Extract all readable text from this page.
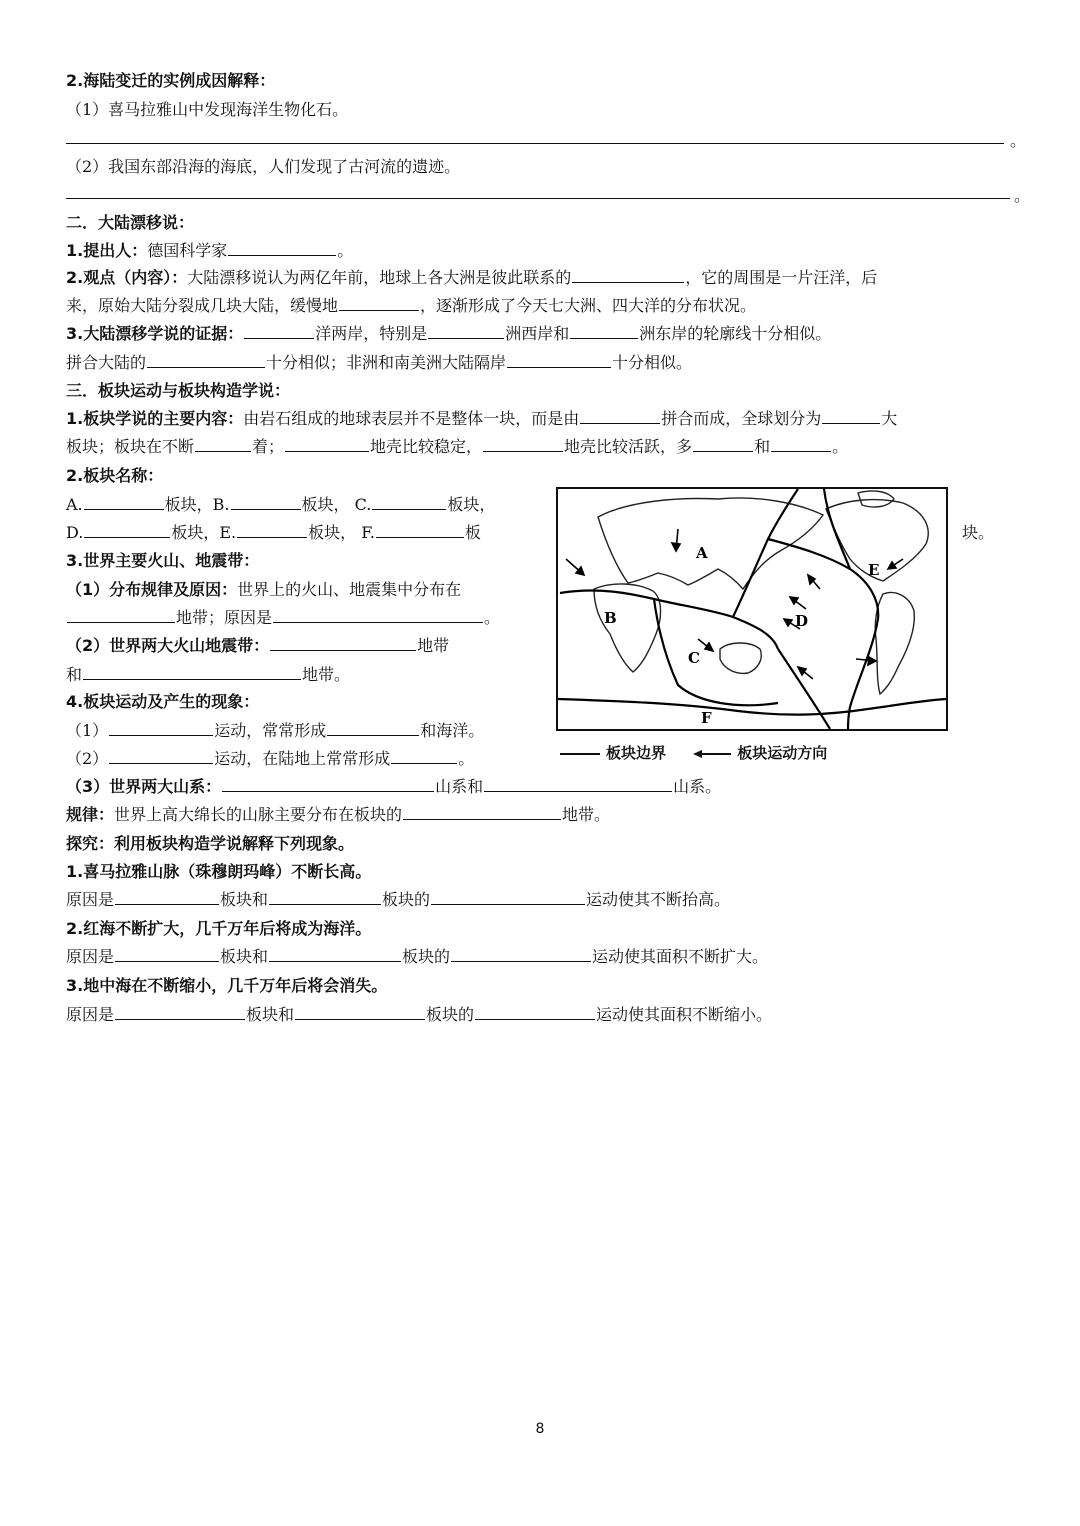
2.海陆变迁的实例成因解释：
（1）喜马拉雅山中发现海洋生物化石。
。
（2）我国东部沿海的海底，人们发现了古河流的遗迹。
。
二．大陆漂移说：
1.提出人：德国科学家	。
2.观点（内容）：大陆漂移说认为两亿年前，地球上各大洲是彼此联系的	，它的周围是一片汪洋，后
来，原始大陆分裂成几块大陆，缓慢地	，逐渐形成了今天七大洲、四大洋的分布状况。
3.大陆漂移学说的证据：	洋两岸，特别是	洲西岸和	洲东岸的轮廓线十分相似。
拼合大陆的	十分相似；非洲和南美洲大陆隔岸	十分相似。
三．板块运动与板块构造学说：
1.板块学说的主要内容：由岩石组成的地球表层并不是整体一块，而是由	拼合而成，全球划分为	大
板块；板块在不断	着；	地壳比较稳定，	地壳比较活跃，多	和	。
2.板块名称：
A.	板块，B.	板块， C.	板块，
D.	板块，E.	板块， F.	板	块。
3.世界主要火山、地震带：
（1）分布规律及原因：世界上的火山、地震集中分布在
地带；原因是	。
（2）世界两大火山地震带：	地带
和	地带。
4.板块运动及产生的现象：
（1）	运动，常常形成	和海洋。
（2）	运动，在陆地上常常形成	。
（3）世界两大山系：	山系和	山系。
规律：世界上高大绵长的山脉主要分布在板块的	地带。
探究：利用板块构造学说解释下列现象。
1.喜马拉雅山脉（珠穆朗玛峰）不断长高。
原因是	板块和	板块的	运动使其不断抬高。
2.红海不断扩大，几千万年后将成为海洋。
原因是	板块和	板块的	运动使其面积不断扩大。
3.地中海在不断缩小，几千万年后将会消失。
原因是	板块和	板块的	运动使其面积不断缩小。
A
B
C
D
E
F
板块边界	板块运动方向
8
